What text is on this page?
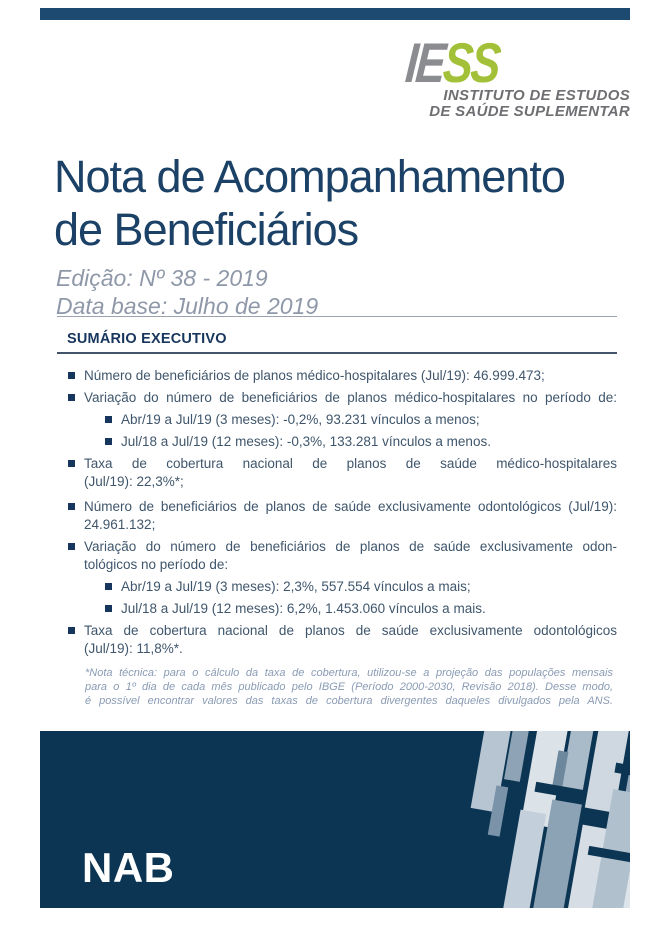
IESS
INSTITUTO DE ESTUDOS
DE SAÚDE SUPLEMENTAR
Nota de Acompanhamento
de Beneficiários
Edição: Nº 38 - 2019
Data base: Julho de 2019
SUMÁRIO EXECUTIVO
Número de beneficiários de planos médico-hospitalares (Jul/19): 46.999.473;
Variação do número de beneficiários de planos médico-hospitalares no período de:
Abr/19 a Jul/19 (3 meses): -0,2%, 93.231 vínculos a menos;
Jul/18 a Jul/19 (12 meses): -0,3%, 133.281 vínculos a menos.
Taxa de cobertura nacional de planos de saúde médico-hospitalares
(Jul/19): 22,3%*;
Número de beneficiários de planos de saúde exclusivamente odontológicos (Jul/19):
24.961.132;
Variação do número de beneficiários de planos de saúde exclusivamente odon-
tológicos no período de:
Abr/19 a Jul/19 (3 meses): 2,3%, 557.554 vínculos a mais;
Jul/18 a Jul/19 (12 meses): 6,2%, 1.453.060 vínculos a mais.
Taxa de cobertura nacional de planos de saúde exclusivamente odontológicos
(Jul/19): 11,8%*.
*Nota técnica: para o cálculo da taxa de cobertura, utilizou-se a projeção das populações mensais
para o 1º dia de cada mês publicado pelo IBGE (Período 2000-2030, Revisão 2018). Desse modo,
é possível encontrar valores das taxas de cobertura divergentes daqueles divulgados pela ANS.
NAB
